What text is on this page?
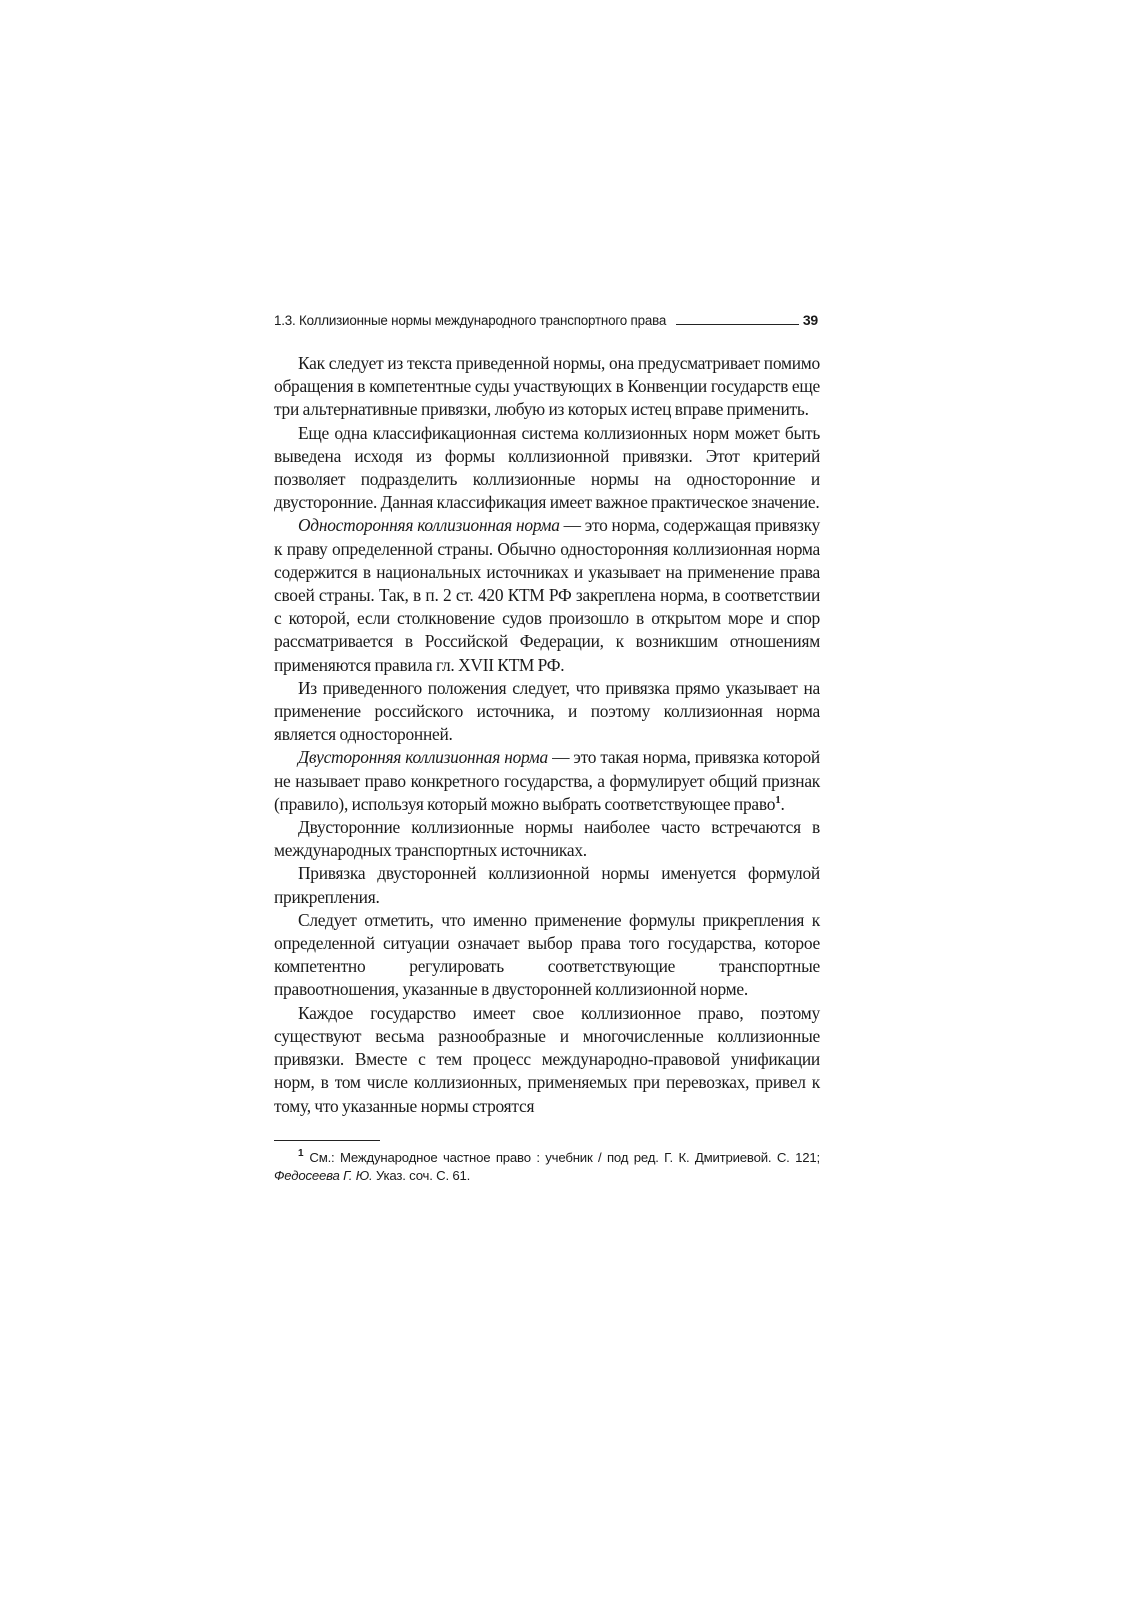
1.3. Коллизионные нормы международного транспортного права	39

Как следует из текста приведенной нормы, она предусматривает помимо обращения в компетентные суды участвующих в Конвенции государств еще три альтернативные привязки, любую из которых истец вправе применить.

Еще одна классификационная система коллизионных норм может быть выведена исходя из формы коллизионной привязки. Этот критерий позволяет подразделить коллизионные нормы на односторонние и двусторонние. Данная классификация имеет важное практическое значение.

Односторонняя коллизионная норма — это норма, содержащая привязку к праву определенной страны. Обычно односторонняя коллизионная норма содержится в национальных источниках и указывает на применение права своей страны. Так, в п. 2 ст. 420 КТМ РФ закреплена норма, в соответствии с которой, если столкновение судов произошло в открытом море и спор рассматривается в Российской Федерации, к возникшим отношениям применяются правила гл. XVII КТМ РФ.

Из приведенного положения следует, что привязка прямо указывает на применение российского источника, и поэтому коллизионная норма является односторонней.

Двусторонняя коллизионная норма — это такая норма, привязка которой не называет право конкретного государства, а формулирует общий признак (правило), используя который можно выбрать соответствующее право$^1$.

Двусторонние коллизионные нормы наиболее часто встречаются в международных транспортных источниках.

Привязка двусторонней коллизионной нормы именуется формулой прикрепления.

Следует отметить, что именно применение формулы прикрепления к определенной ситуации означает выбор права того государства, которое компетентно регулировать соответствующие транспортные правоотношения, указанные в двусторонней коллизионной норме.

Каждое государство имеет свое коллизионное право, поэтому существуют весьма разнообразные и многочисленные коллизионные привязки. Вместе с тем процесс международно-правовой унификации норм, в том числе коллизионных, применяемых при перевозках, привел к тому, что указанные нормы строятся

$^1$ См.: Международное частное право : учебник / под ред. Г. К. Дмитриевой. С. 121; Федосеева Г. Ю. Указ. соч. С. 61.
